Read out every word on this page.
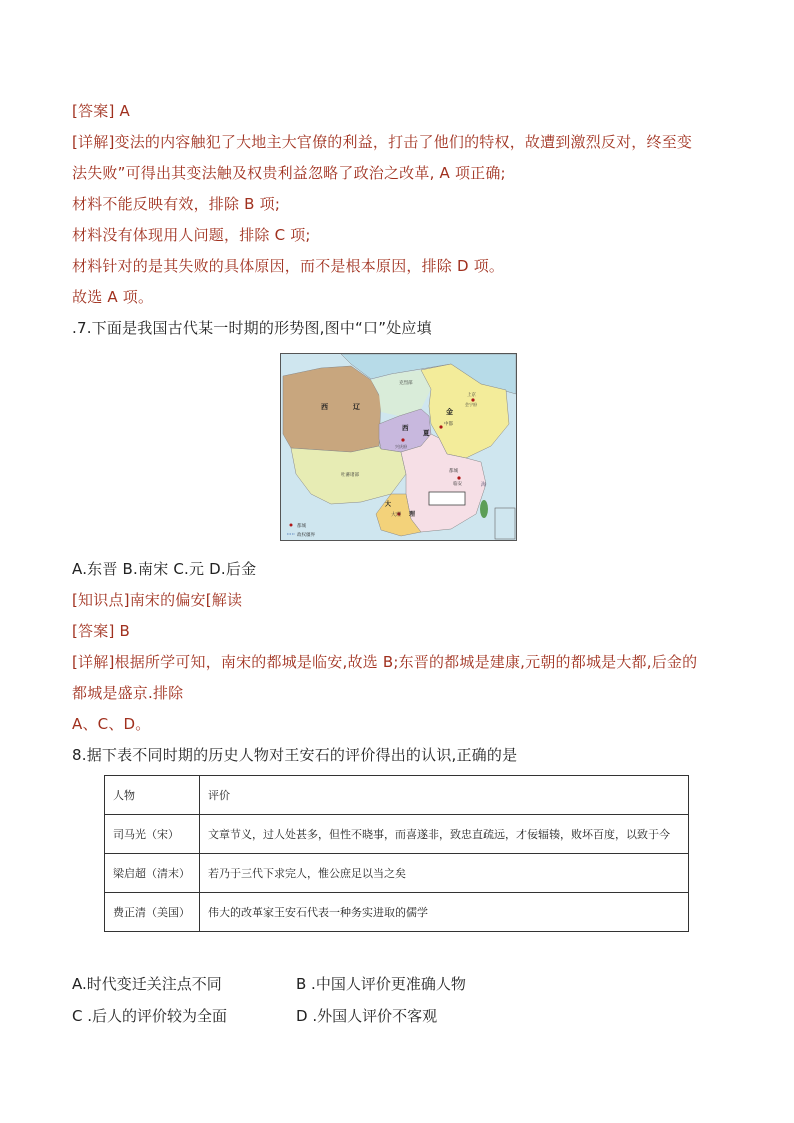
[答案] A
[详解]变法的内容触犯了大地主大官僚的利益，打击了他们的特权，故遭到激烈反对，终至变
法失败”可得出其变法触及权贵利益忽略了政治之改革, A 项正确;
材料不能反映有效，排除 B 项;
材料没有体现用人问题，排除 C 项;
材料针对的是其失败的具体原因，而不是根本原因，排除 D 项。
故选 A 项。
.7.下面是我国古代某一时期的形势图,图中“口”处应填
西	辽
克烈部
西
夏
金
上京
会宁府
中都
兴庆府
吐蕃诸部
都城
临安
大
大理 理
海
都城
政权疆界
A.东晋 B.南宋 C.元 D.后金
[知识点]南宋的偏安[解读
[答案] B
[详解]根据所学可知，南宋的都城是临安,故选 B;东晋的都城是建康,元朝的都城是大都,后金的
都城是盛京.排除
A、C、D。
8.据下表不同时期的历史人物对王安石的评价得出的认识,正确的是
人物	评价
司马光（宋）	文章节义，过人处甚多，但性不晓事，而喜遂非，致忠直疏远，才佞辐辏，败坏百度，以致于今
梁启超（清末）	若乃于三代下求完人，惟公庶足以当之矣
费正清（美国）	伟大的改革家王安石代表一种务实进取的儒学
A.时代变迁关注点不同	B .中国人评价更准确人物
C .后人的评价较为全面	D .外国人评价不客观
